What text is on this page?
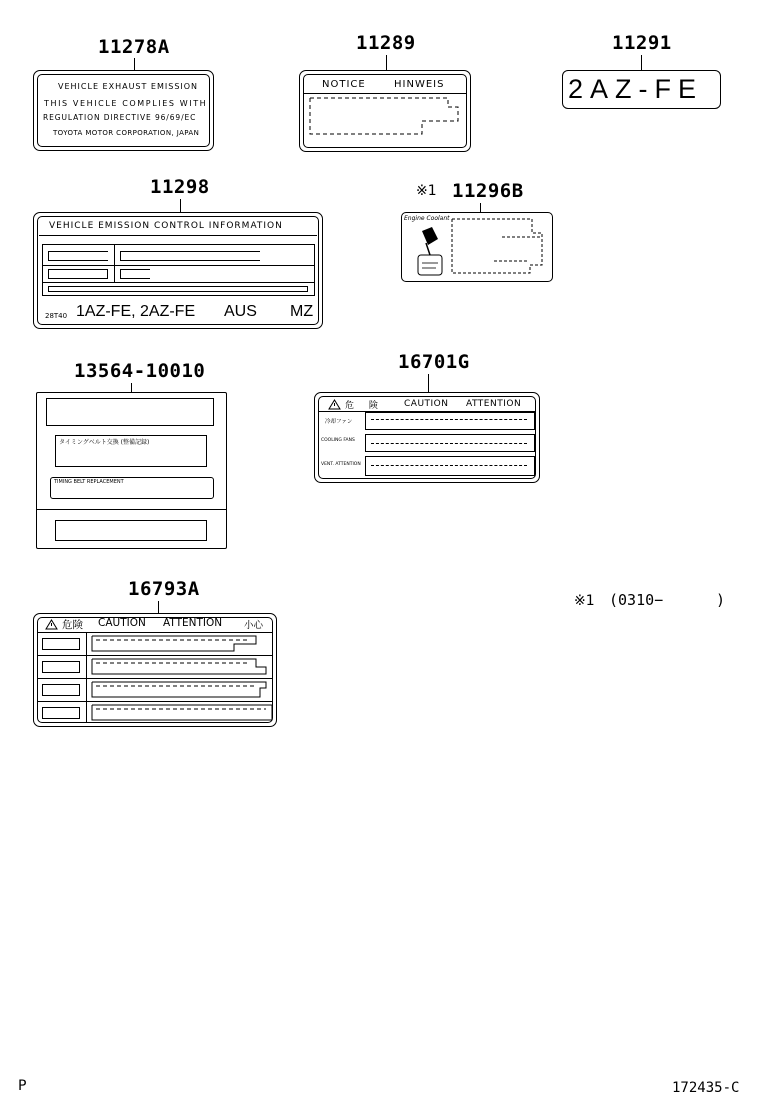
11278A
VEHICLE EXHAUST EMISSION
THIS VEHICLE COMPLIES WITH
REGULATION DIRECTIVE 96/69/EC
TOYOTA MOTOR CORPORATION, JAPAN
11289
NOTICE	HINWEIS
11291
2AZ-FE
11298
VEHICLE EMISSION CONTROL INFORMATION
28T40 1AZ-FE, 2AZ-FE AUS MZ
※1 11296B
Engine Coolant
13564-10010
タイミングベルト交換 (整備記録)
TIMING BELT REPLACEMENT
16701G
危 険 CAUTION ATTENTION
冷却ファン
COOLING FANS
VENT. ATTENTION
16793A
危険 CAUTION ATTENTION 小心
※1 (0310−	)
P	172435-C
